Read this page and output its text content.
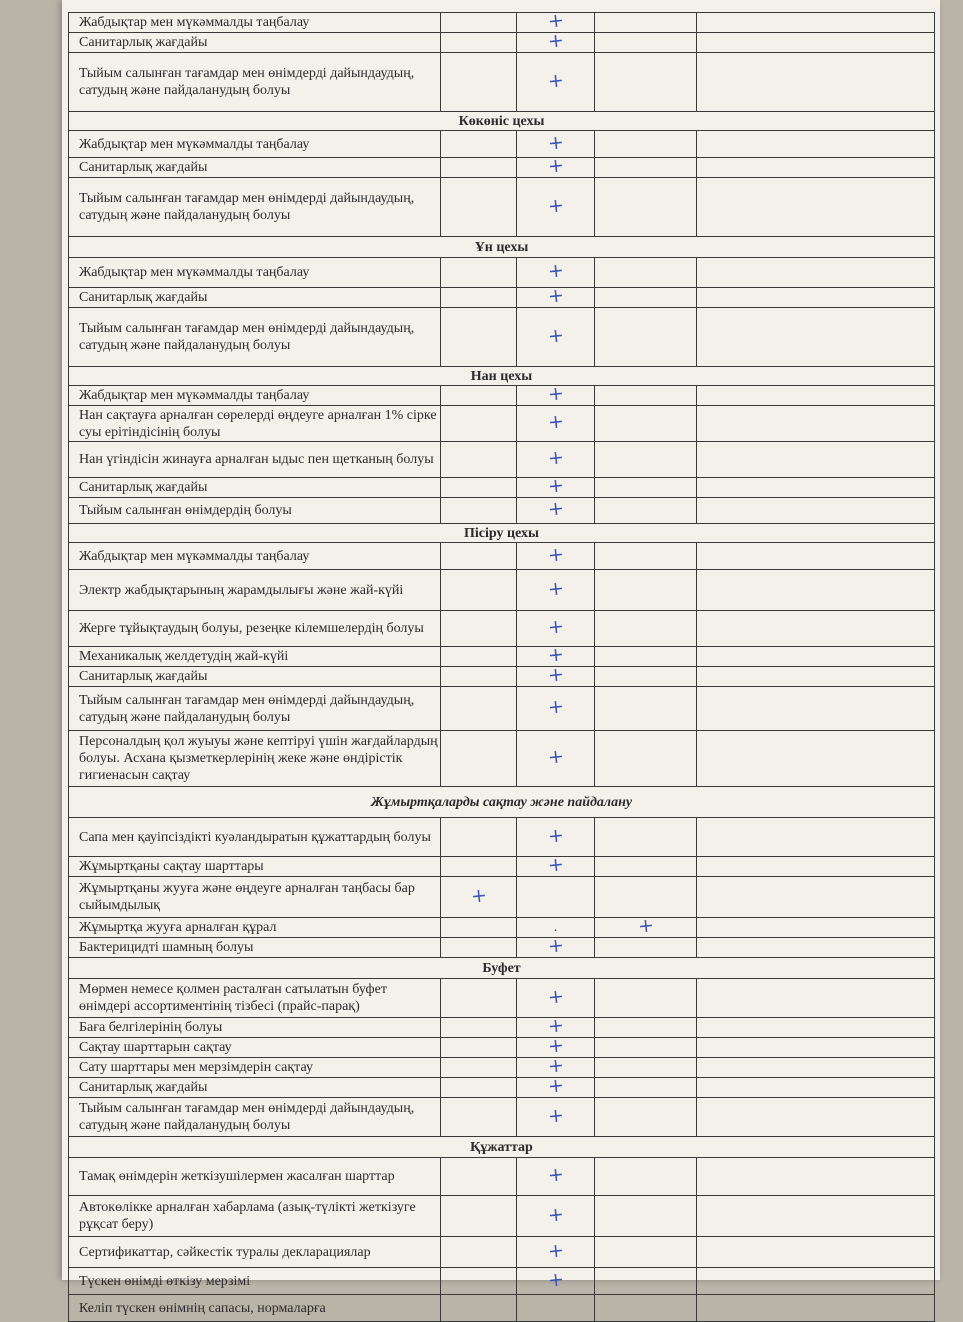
Жабдықтар мен мүкәммалды таңбалау		+		
Санитарлық жағдайы		+		
Тыйым салынған тағамдар мен өнімдерді дайындаудың, сатудың және пайдаланудың болуы		+		
Көкөніс цехы				
Жабдықтар мен мүкәммалды таңбалау		+		
Санитарлық жағдайы		+		
Тыйым салынған тағамдар мен өнімдерді дайындаудың, сатудың және пайдаланудың болуы		+		
Ұн цехы				
Жабдықтар мен мүкәммалды таңбалау		+		
Санитарлық жағдайы		+		
Тыйым салынған тағамдар мен өнімдерді дайындаудың, сатудың және пайдаланудың болуы		+		
Нан цехы				
Жабдықтар мен мүкәммалды таңбалау		+		
Нан сақтауға арналған сөрелерді өңдеуге арналған 1% сірке суы ерітіндісінің болуы		+		
Нан үгіндісін жинауға арналған ыдыс пен щетканың болуы		+		
Санитарлық жағдайы		+		
Тыйым салынған өнімдердің болуы		+		
Пісіру цехы				
Жабдықтар мен мүкәммалды таңбалау		+		
Электр жабдықтарының жарамдылығы және жай-күйі		+		
Жерге тұйықтаудың болуы, резеңке кілемшелердің болуы		+		
Механикалық желдетудің жай-күйі		+		
Санитарлық жағдайы		+		
Тыйым салынған тағамдар мен өнімдерді дайындаудың, сатудың және пайдаланудың болуы		+		
Персоналдың қол жуыуы және кептіруі үшін жағдайлардың болуы. Асхана қызметкерлерінің жеке және өндірістік гигиенасын сақтау		+		
Жұмыртқаларды сақтау және пайдалану				
Сапа мен қауіпсіздікті куәландыратын құжаттардың болуы		+		
Жұмыртқаны сақтау шарттары		+		
Жұмыртқаны жууға және өңдеуге арналған таңбасы бар сыйымдылық	+			
Жұмыртқа жууға арналған құрал		.	+	
Бактерицидті шамның болуы		+		
Буфет				
Мөрмен немесе қолмен расталған сатылатын буфет өнімдері ассортиментінің тізбесі (прайс-парақ)		+		
Баға белгілерінің болуы		+		
Сақтау шарттарын сақтау		+		
Сату шарттары мен мерзімдерін сақтау		+		
Санитарлық жағдайы		+		
Тыйым салынған тағамдар мен өнімдерді дайындаудың, сатудың және пайдаланудың болуы		+		
Құжаттар				
Тамақ өнімдерін жеткізушілермен жасалған шарттар		+		
Автокөлікке арналған хабарлама (азық-түлікті жеткізуге рұқсат беру)		+		
Сертификаттар, сәйкестік туралы декларациялар		+		
Түскен өнімді өткізу мерзімі		+		
Келіп түскен өнімнің сапасы, нормаларға				
